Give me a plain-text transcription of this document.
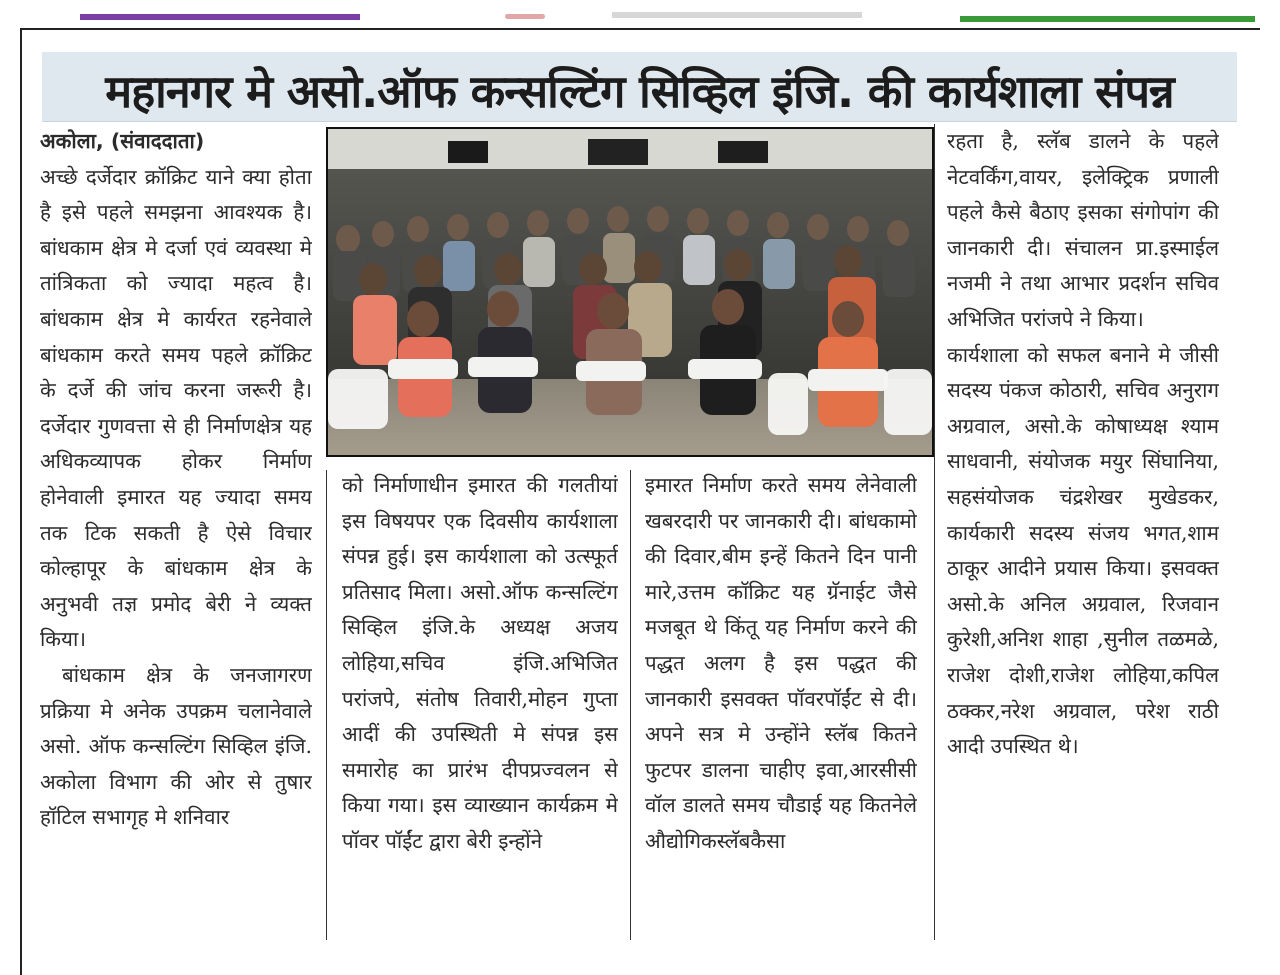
महानगर मे असो.ऑफ कन्सल्टिंग सिव्हिल इंजि. की कार्यशाला संपन्न

अकोला, (संवाददाता)

अच्छे दर्जेदार क्रॉक्रिट याने क्या होता है इसे पहले समझना आवश्यक है। बांधकाम क्षेत्र मे दर्जा एवं व्यवस्था मे तांत्रिकता को ज्यादा महत्व है। बांधकाम क्षेत्र मे कार्यरत रहनेवाले बांधकाम करते समय पहले क्रॉक्रिट के दर्जे की जांच करना जरूरी है। दर्जेदार गुणवत्ता से ही निर्माणक्षेत्र यह अधिकव्यापक होकर निर्माण होनेवाली इमारत यह ज्यादा समय तक टिक सकती है ऐसे विचार कोल्हापूर के बांधकाम क्षेत्र के अनुभवी तज्ञ प्रमोद बेरी ने व्यक्त किया।

बांधकाम क्षेत्र के जनजागरण प्रक्रिया मे अनेक उपक्रम चलानेवाले असो. ऑफ कन्सल्टिंग सिव्हिल इंजि. अकोला विभाग की ओर से तुषार हॉटिल सभागृह मे शनिवार

को निर्माणाधीन इमारत की गलतीयां इस विषयपर एक दिवसीय कार्यशाला संपन्न हुई। इस कार्यशाला को उत्स्फूर्त प्रतिसाद मिला। असो.ऑफ कन्सल्टिंग सिव्हिल इंजि.के अध्यक्ष अजय लोहिया,सचिव इंजि.अभिजित परांजपे, संतोष तिवारी,मोहन गुप्ता आदीं की उपस्थिती मे संपन्न इस समारोह का प्रारंभ दीपप्रज्वलन से किया गया। इस व्याख्यान कार्यक्रम मे पॉवर पॉईंट द्वारा बेरी इन्होंने

इमारत निर्माण करते समय लेनेवाली खबरदारी पर जानकारी दी। बांधकामो की दिवार,बीम इन्हें कितने दिन पानी मारे,उत्तम कॉक्रिट यह ग्रॅनाईट जैसे मजबूत थे किंतू यह निर्माण करने की पद्धत अलग है इस पद्धत की जानकारी इसवक्त पॉवरपॉईंट से दी। अपने सत्र मे उन्होंने स्लॅब कितने फुटपर डालना चाहीए इवा,आरसीसी वॉल डालते समय चौडाई यह कितनेले औद्योगिकस्लॅबकैसा

रहता है, स्लॅब डालने के पहले नेटवर्किंग,वायर, इलेक्ट्रिक प्रणाली पहले कैसे बैठाए इसका संगोपांग की जानकारी दी। संचालन प्रा.इस्माईल नजमी ने तथा आभार प्रदर्शन सचिव अभिजित परांजपे ने किया।

कार्यशाला को सफल बनाने मे जीसी सदस्य पंकज कोठारी, सचिव अनुराग अग्रवाल, असो.के कोषाध्यक्ष श्याम साधवानी, संयोजक मयुर सिंघानिया, सहसंयोजक चंद्रशेखर मुखेडकर, कार्यकारी सदस्य संजय भगत,शाम ठाकूर आदीने प्रयास किया। इसवक्त असो.के अनिल अग्रवाल, रिजवान कुरेशी,अनिश शाहा ,सुनील तळमळे, राजेश दोशी,राजेश लोहिया,कपिल ठक्कर,नरेश अग्रवाल, परेश राठी आदी उपस्थित थे।
